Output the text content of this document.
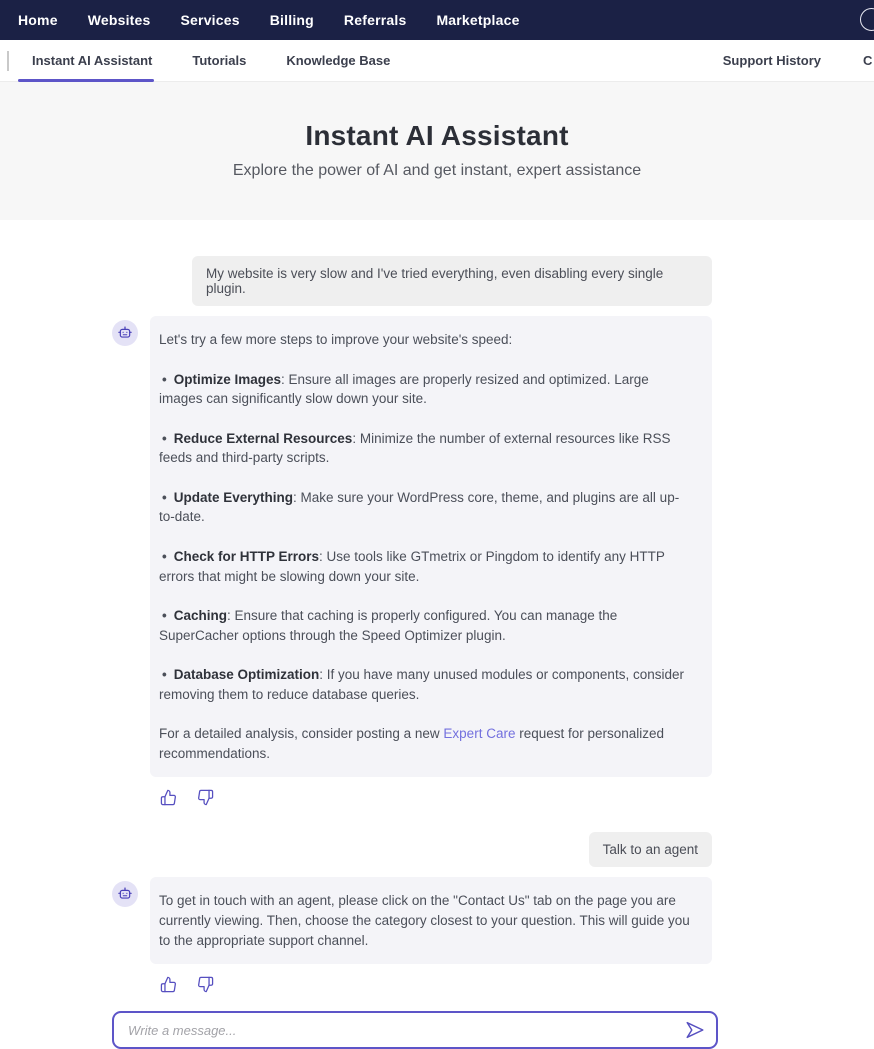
Home Websites Services Billing Referrals Marketplace
Instant AI Assistant	Tutorials	Knowledge Base	Support History	C
Instant AI Assistant
Explore the power of AI and get instant, expert assistance
My website is very slow and I've tried everything, even disabling every single plugin.
Let's try a few more steps to improve your website's speed:
• Optimize Images: Ensure all images are properly resized and optimized. Large images can significantly slow down your site.
• Reduce External Resources: Minimize the number of external resources like RSS feeds and third-party scripts.
• Update Everything: Make sure your WordPress core, theme, and plugins are all up-to-date.
• Check for HTTP Errors: Use tools like GTmetrix or Pingdom to identify any HTTP errors that might be slowing down your site.
• Caching: Ensure that caching is properly configured. You can manage the SuperCacher options through the Speed Optimizer plugin.
• Database Optimization: If you have many unused modules or components, consider removing them to reduce database queries.
For a detailed analysis, consider posting a new Expert Care request for personalized recommendations.
Talk to an agent
To get in touch with an agent, please click on the "Contact Us" tab on the page you are currently viewing. Then, choose the category closest to your question. This will guide you to the appropriate support channel.
Write a message...
